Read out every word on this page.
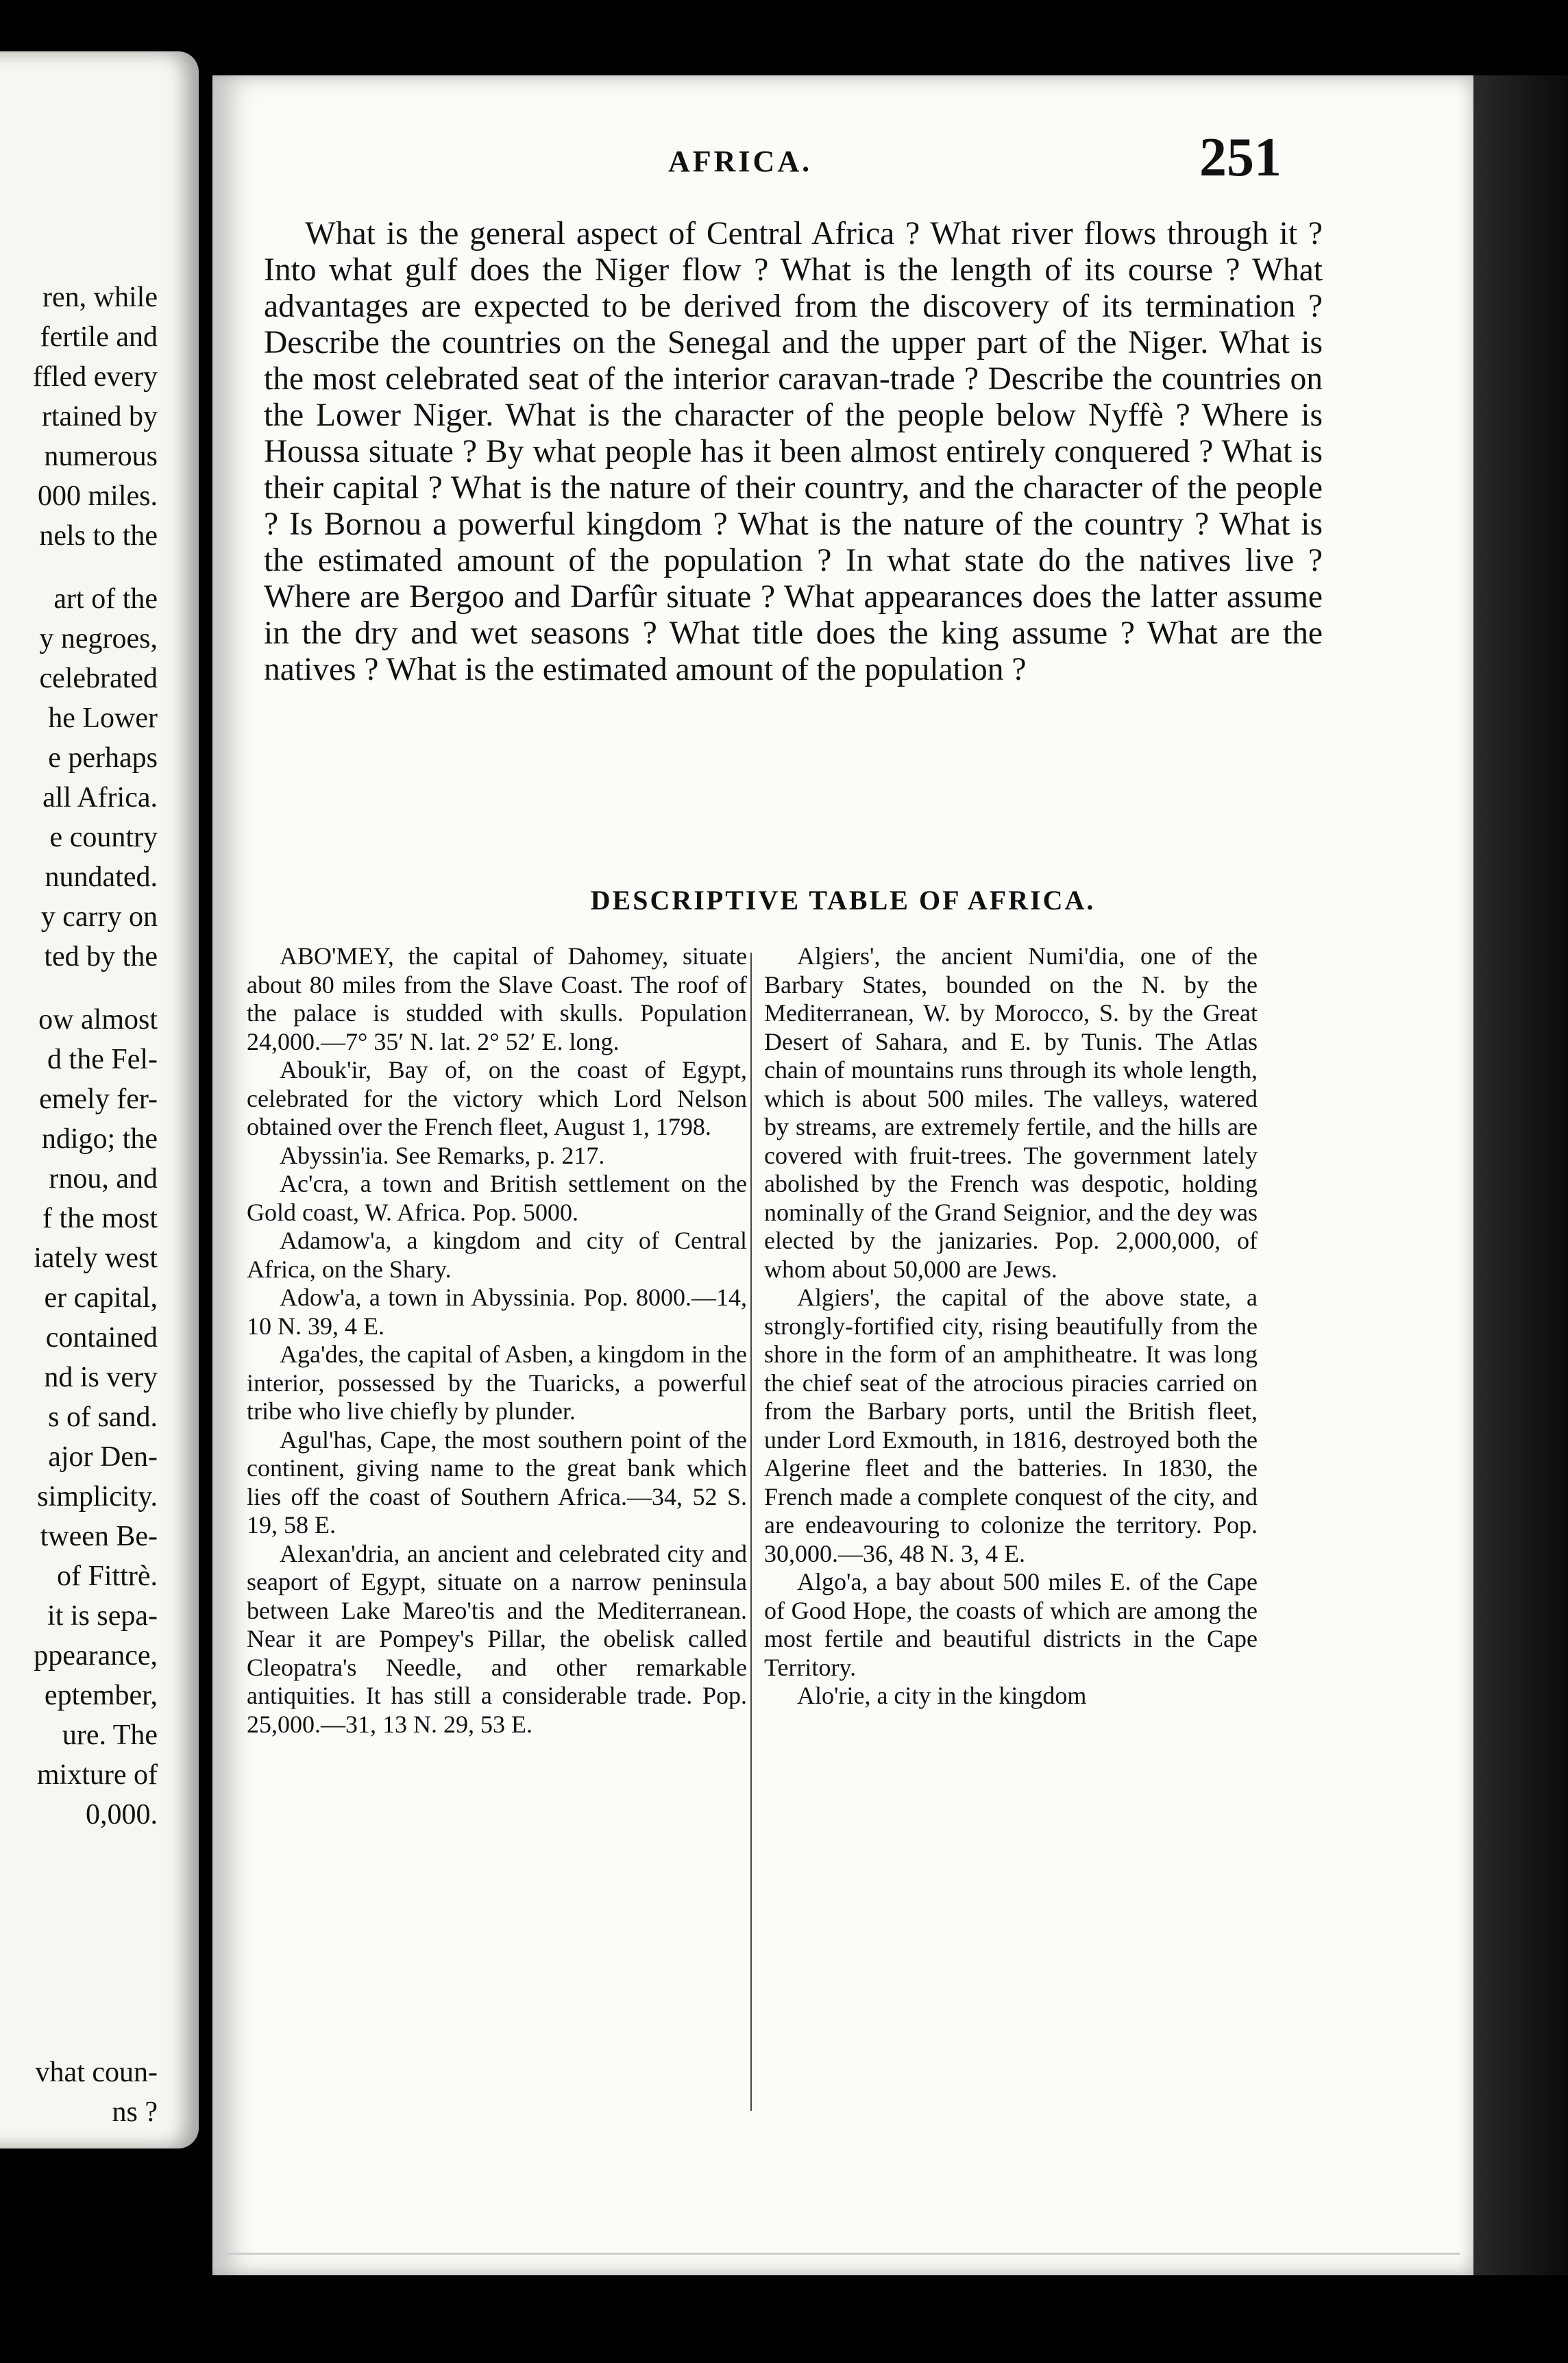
ren, while
fertile and
ffled every
rtained by
numerous
000 miles.
nels to the
art of the
y negroes,
celebrated
he Lower
e perhaps
all Africa.
e country
nundated.
y carry on
ted by the
ow almost
d the Fel-
emely fer-
ndigo; the
rnou, and
f the most
iately west
er capital,
contained
nd is very
s of sand.
ajor Den-
simplicity.
tween Be-
of Fittrè.
it is sepa-
ppearance,
eptember,
ure. The
mixture of
0,000.
vhat coun-
ns ?
AFRICA.	251

What is the general aspect of Central Africa ? What river flows through it ? Into what gulf does the Niger flow ? What is the length of its course ? What advantages are expected to be derived from the discovery of its termination ? Describe the countries on the Senegal and the upper part of the Niger. What is the most celebrated seat of the interior caravan-trade ? Describe the countries on the Lower Niger. What is the character of the people below Nyffè ? Where is Houssa situate ? By what people has it been almost entirely conquered ? What is their capital ? What is the nature of their country, and the character of the people ? Is Bornou a powerful kingdom ? What is the nature of the country ? What is the estimated amount of the population ? In what state do the natives live ? Where are Bergoo and Darfûr situate ? What appearances does the latter assume in the dry and wet seasons ? What title does the king assume ? What are the natives ? What is the estimated amount of the population ?

DESCRIPTIVE TABLE OF AFRICA.

ABO'MEY, the capital of Dahomey, situate about 80 miles from the Slave Coast. The roof of the palace is studded with skulls. Population 24,000.—7° 35′ N. lat. 2° 52′ E. long.

Abouk'ir, Bay of, on the coast of Egypt, celebrated for the victory which Lord Nelson obtained over the French fleet, August 1, 1798.

Abyssin'ia. See Remarks, p. 217.

Ac'cra, a town and British settlement on the Gold coast, W. Africa. Pop. 5000.

Adamow'a, a kingdom and city of Central Africa, on the Shary.

Adow'a, a town in Abyssinia. Pop. 8000.—14, 10 N. 39, 4 E.

Aga'des, the capital of Asben, a kingdom in the interior, possessed by the Tuaricks, a powerful tribe who live chiefly by plunder.

Agul'has, Cape, the most southern point of the continent, giving name to the great bank which lies off the coast of Southern Africa.—34, 52 S. 19, 58 E.

Alexan'dria, an ancient and celebrated city and seaport of Egypt, situate on a narrow peninsula between Lake Mareo'tis and the Mediterranean. Near it are Pompey's Pillar, the obelisk called Cleopatra's Needle, and other remarkable antiquities. It has still a considerable trade. Pop. 25,000.—31, 13 N. 29, 53 E.

Algiers', the ancient Numi'dia, one of the Barbary States, bounded on the N. by the Mediterranean, W. by Morocco, S. by the Great Desert of Sahara, and E. by Tunis. The Atlas chain of mountains runs through its whole length, which is about 500 miles. The valleys, watered by streams, are extremely fertile, and the hills are covered with fruit-trees. The government lately abolished by the French was despotic, holding nominally of the Grand Seignior, and the dey was elected by the janizaries. Pop. 2,000,000, of whom about 50,000 are Jews.

Algiers', the capital of the above state, a strongly-fortified city, rising beautifully from the shore in the form of an amphitheatre. It was long the chief seat of the atrocious piracies carried on from the Barbary ports, until the British fleet, under Lord Exmouth, in 1816, destroyed both the Algerine fleet and the batteries. In 1830, the French made a complete conquest of the city, and are endeavouring to colonize the territory. Pop. 30,000.—36, 48 N. 3, 4 E.

Algo'a, a bay about 500 miles E. of the Cape of Good Hope, the coasts of which are among the most fertile and beautiful districts in the Cape Territory.

Alo'rie, a city in the kingdom
